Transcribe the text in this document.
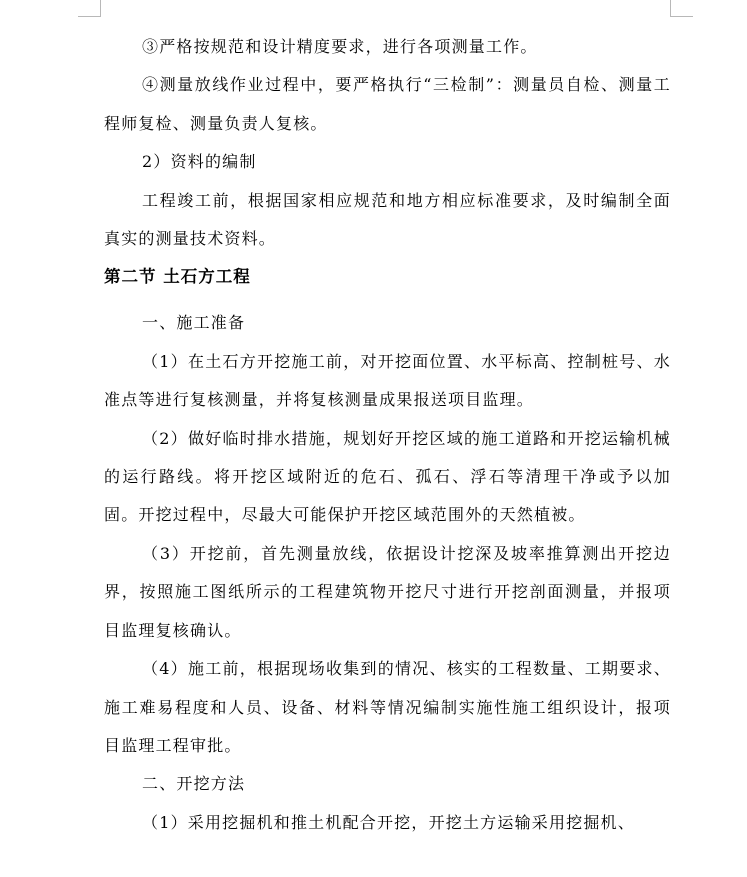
③严格按规范和设计精度要求，进行各项测量工作。

④测量放线作业过程中，要严格执行“三检制”：测量员自检、测量工程师复检、测量负责人复核。

2）资料的编制

工程竣工前，根据国家相应规范和地方相应标准要求，及时编制全面真实的测量技术资料。

第二节 土石方工程

一、施工准备

（1）在土石方开挖施工前，对开挖面位置、水平标高、控制桩号、水准点等进行复核测量，并将复核测量成果报送项目监理。

（2）做好临时排水措施，规划好开挖区域的施工道路和开挖运输机械的运行路线。将开挖区域附近的危石、孤石、浮石等清理干净或予以加固。开挖过程中，尽最大可能保护开挖区域范围外的天然植被。

（3）开挖前，首先测量放线，依据设计挖深及坡率推算测出开挖边界，按照施工图纸所示的工程建筑物开挖尺寸进行开挖剖面测量，并报项目监理复核确认。

（4）施工前，根据现场收集到的情况、核实的工程数量、工期要求、施工难易程度和人员、设备、材料等情况编制实施性施工组织设计，报项目监理工程审批。

二、开挖方法

（1）采用挖掘机和推土机配合开挖，开挖土方运输采用挖掘机、
